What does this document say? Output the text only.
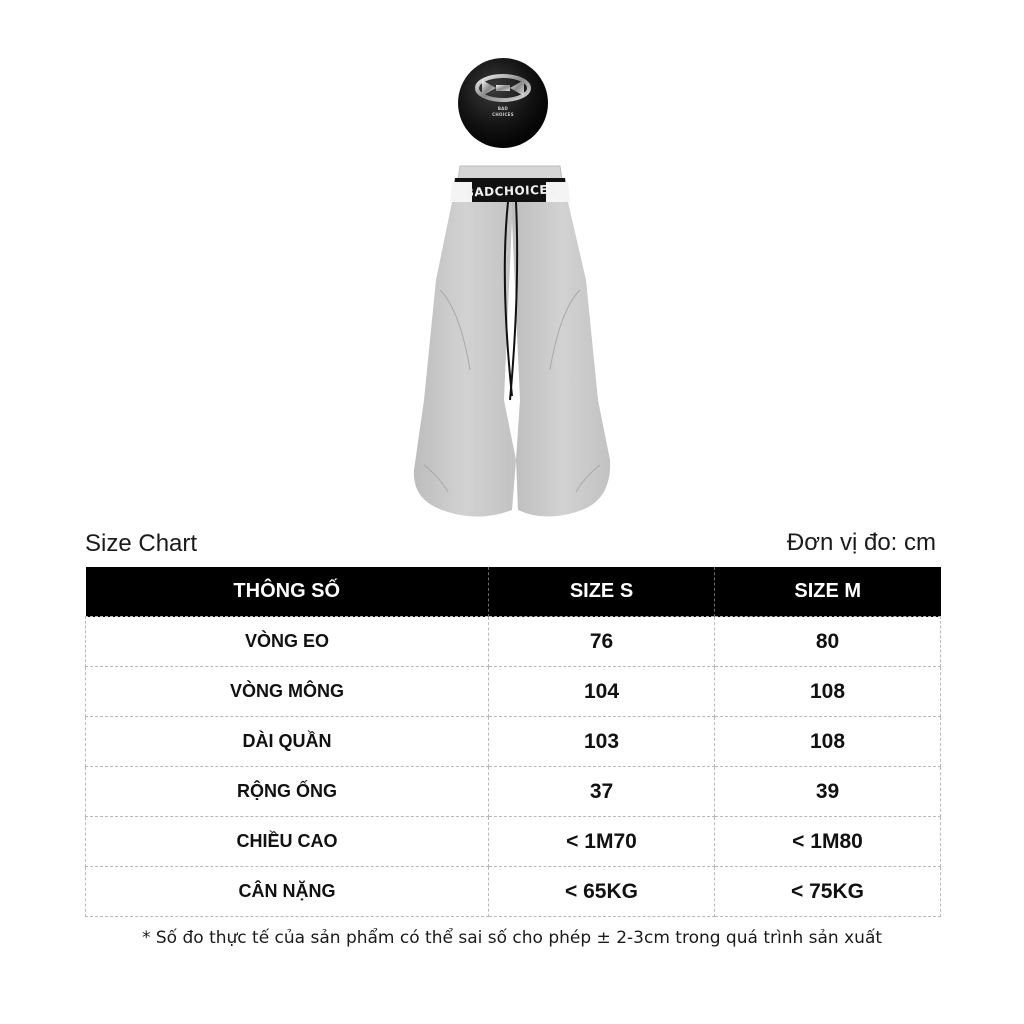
BAD
CHOICES
BADCHOICES
Size Chart	Đơn vị đo: cm
THÔNG SỐ	SIZE S	SIZE M
VÒNG EO	76	80
VÒNG MÔNG	104	108
DÀI QUẦN	103	108
RỘNG ỐNG	37	39
CHIỀU CAO	< 1M70	< 1M80
CÂN NẶNG	< 65KG	< 75KG
* Số đo thực tế của sản phẩm có thể sai số cho phép ± 2-3cm trong quá trình sản xuất
